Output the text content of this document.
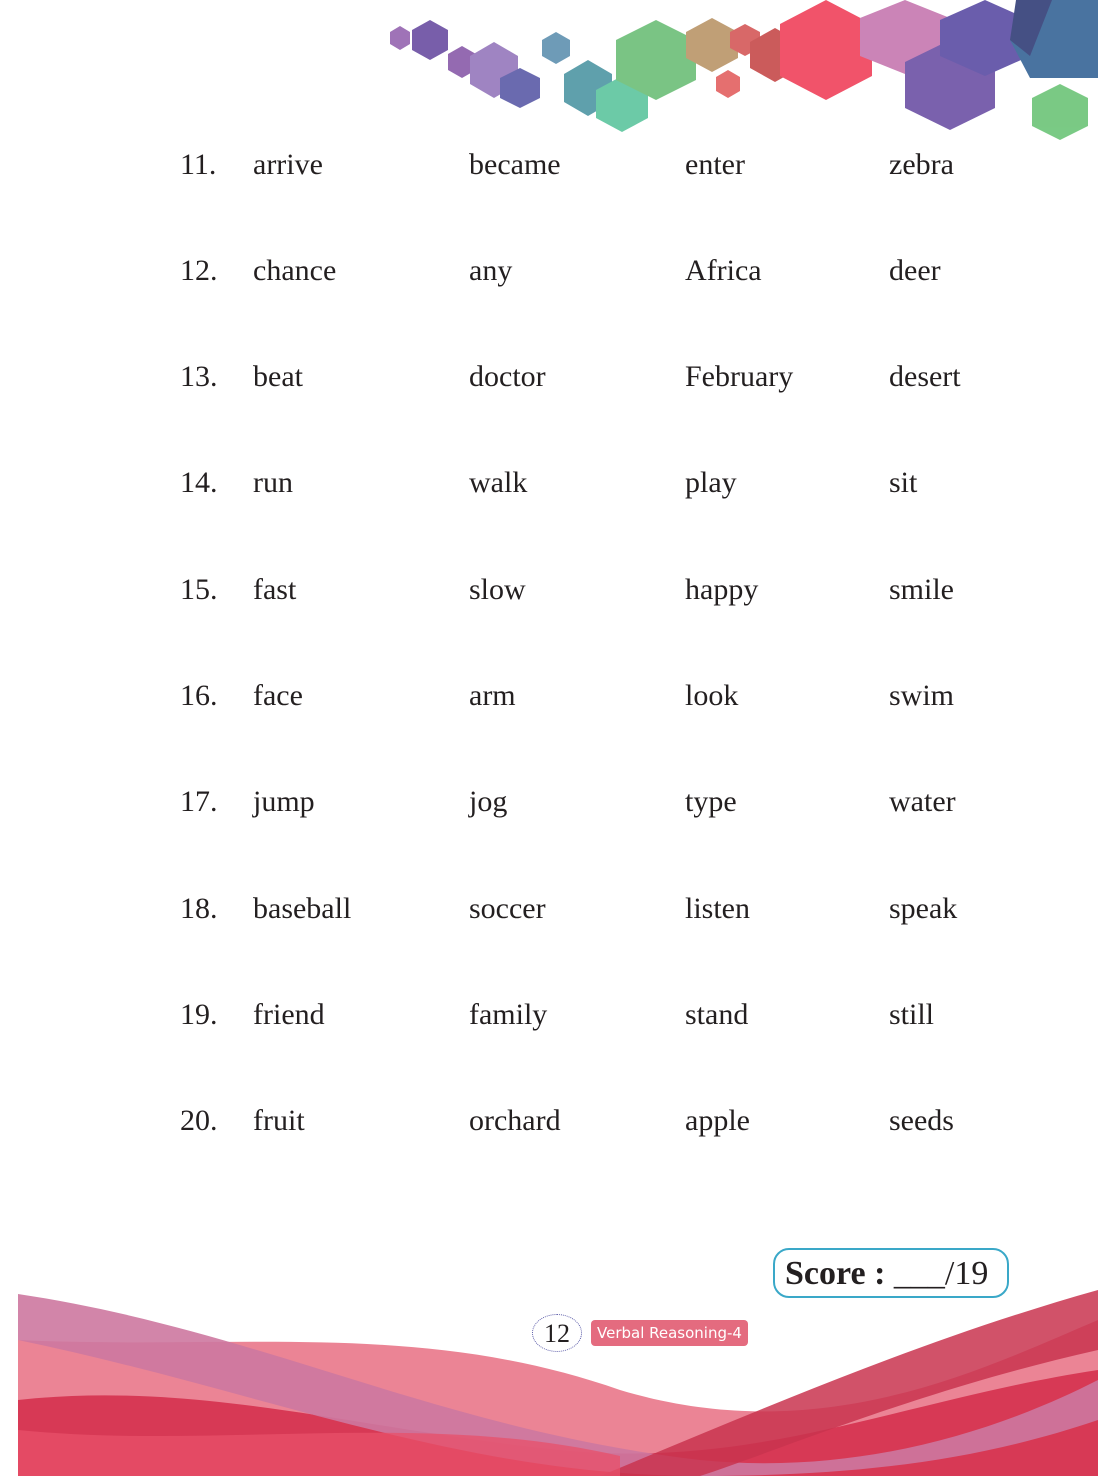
11. arrive	became	enter	zebra
12. chance	any	Africa	deer
13. beat	doctor	February	desert
14. run	walk	play	sit
15. fast	slow	happy	smile
16. face	arm	look	swim
17. jump	jog	type	water
18. baseball	soccer	listen	speak
19. friend	family	stand	still
20. fruit	orchard	apple	seeds
Score : ___/19
12	Verbal Reasoning-4
